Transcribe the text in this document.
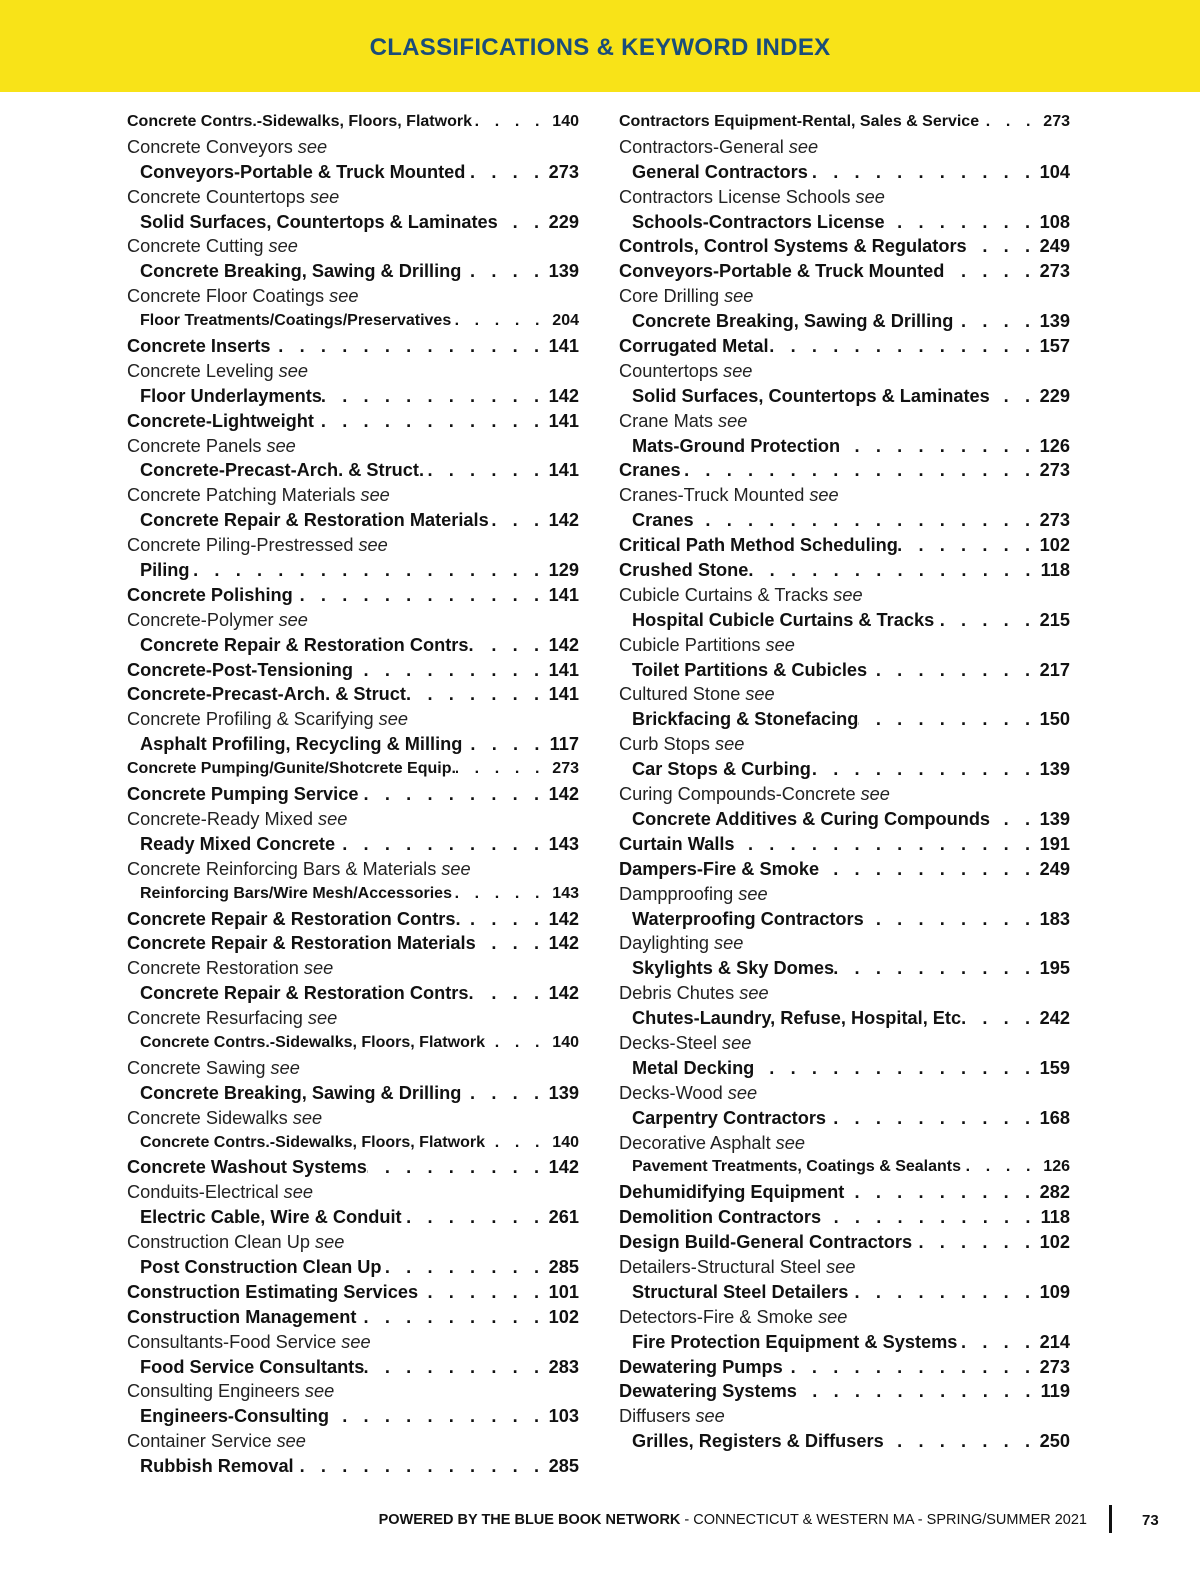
CLASSIFICATIONS & KEYWORD INDEX
Concrete Contrs.-Sidewalks, Floors, Flatwork . . .	140
Concrete Conveyors see
Conveyors-Portable & Truck Mounted . . .	273
Concrete Countertops see
Solid Surfaces, Countertops & Laminates . . .	229
Concrete Cutting see
Concrete Breaking, Sawing & Drilling . . .	139
Concrete Floor Coatings see
Floor Treatments/Coatings/Preservatives . . .	204
Concrete Inserts . . .	141
Concrete Leveling see
Floor Underlayments . . .	142
Concrete-Lightweight . . .	141
Concrete Panels see
Concrete-Precast-Arch. & Struct. . . .	141
Concrete Patching Materials see
Concrete Repair & Restoration Materials . . .	142
Concrete Piling-Prestressed see
Piling . . .	129
Concrete Polishing . . .	141
Concrete-Polymer see
Concrete Repair & Restoration Contrs. . . .	142
Concrete-Post-Tensioning . . .	141
Concrete-Precast-Arch. & Struct. . . .	141
Concrete Profiling & Scarifying see
Asphalt Profiling, Recycling & Milling . . .	117
Concrete Pumping/Gunite/Shotcrete Equip. . . .	273
Concrete Pumping Service . . .	142
Concrete-Ready Mixed see
Ready Mixed Concrete . . .	143
Concrete Reinforcing Bars & Materials see
Reinforcing Bars/Wire Mesh/Accessories . . .	143
Concrete Repair & Restoration Contrs. . . .	142
Concrete Repair & Restoration Materials . . .	142
Concrete Restoration see
Concrete Repair & Restoration Contrs. . . .	142
Concrete Resurfacing see
Concrete Contrs.-Sidewalks, Floors, Flatwork . . .	140
Concrete Sawing see
Concrete Breaking, Sawing & Drilling . . .	139
Concrete Sidewalks see
Concrete Contrs.-Sidewalks, Floors, Flatwork . . .	140
Concrete Washout Systems . . .	142
Conduits-Electrical see
Electric Cable, Wire & Conduit . . .	261
Construction Clean Up see
Post Construction Clean Up . . .	285
Construction Estimating Services . . .	101
Construction Management . . .	102
Consultants-Food Service see
Food Service Consultants . . .	283
Consulting Engineers see
Engineers-Consulting . . .	103
Container Service see
Rubbish Removal . . .	285
Contractors Equipment-Rental, Sales & Service . . .	273
Contractors-General see
General Contractors . . .	104
Contractors License Schools see
Schools-Contractors License . . .	108
Controls, Control Systems & Regulators . . .	249
Conveyors-Portable & Truck Mounted . . .	273
Core Drilling see
Concrete Breaking, Sawing & Drilling . . .	139
Corrugated Metal . . .	157
Countertops see
Solid Surfaces, Countertops & Laminates . . .	229
Crane Mats see
Mats-Ground Protection . . .	126
Cranes . . .	273
Cranes-Truck Mounted see
Cranes . . .	273
Critical Path Method Scheduling . . .	102
Crushed Stone . . .	118
Cubicle Curtains & Tracks see
Hospital Cubicle Curtains & Tracks . . .	215
Cubicle Partitions see
Toilet Partitions & Cubicles . . .	217
Cultured Stone see
Brickfacing & Stonefacing . . .	150
Curb Stops see
Car Stops & Curbing . . .	139
Curing Compounds-Concrete see
Concrete Additives & Curing Compounds . . .	139
Curtain Walls . . .	191
Dampers-Fire & Smoke . . .	249
Dampproofing see
Waterproofing Contractors . . .	183
Daylighting see
Skylights & Sky Domes . . .	195
Debris Chutes see
Chutes-Laundry, Refuse, Hospital, Etc. . . .	242
Decks-Steel see
Metal Decking . . .	159
Decks-Wood see
Carpentry Contractors . . .	168
Decorative Asphalt see
Pavement Treatments, Coatings & Sealants . . .	126
Dehumidifying Equipment . . .	282
Demolition Contractors . . .	118
Design Build-General Contractors . . .	102
Detailers-Structural Steel see
Structural Steel Detailers . . .	109
Detectors-Fire & Smoke see
Fire Protection Equipment & Systems . . .	214
Dewatering Pumps . . .	273
Dewatering Systems . . .	119
Diffusers see
Grilles, Registers & Diffusers . . .	250
POWERED BY THE BLUE BOOK NETWORK - CONNECTICUT & WESTERN MA - SPRING/SUMMER 2021	73
